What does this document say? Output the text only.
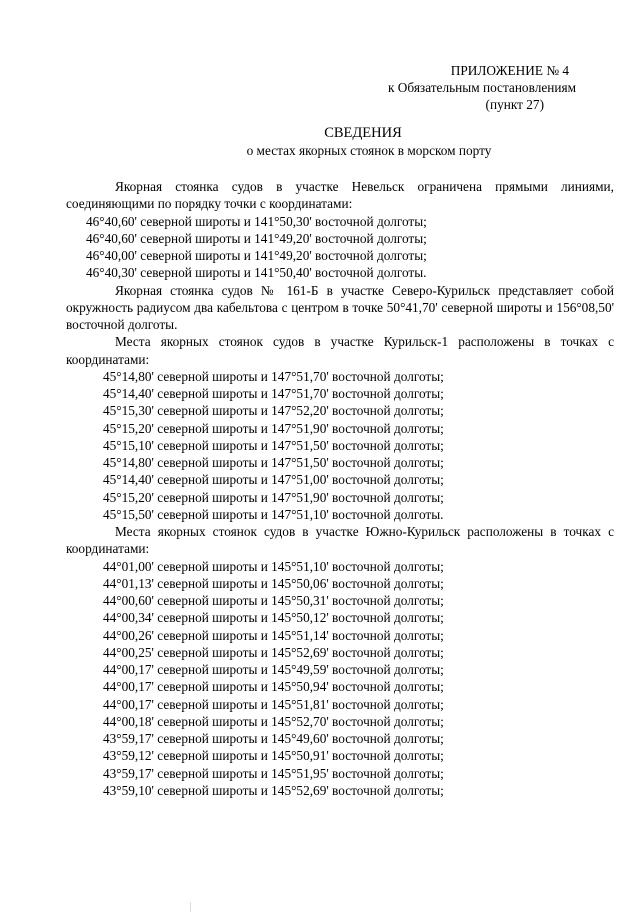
ПРИЛОЖЕНИЕ № 4
к Обязательным постановлениям
(пункт 27)
СВЕДЕНИЯ
о местах якорных стоянок в морском порту

Якорная стоянка судов в участке Невельск ограничена прямыми линиями, соединяющими по порядку точки с координатами:

46°40,60' северной широты и 141°50,30' восточной долготы;

46°40,60' северной широты и 141°49,20' восточной долготы;

46°40,00' северной широты и 141°49,20' восточной долготы;

46°40,30' северной широты и 141°50,40' восточной долготы.

Якорная стоянка судов № 161-Б в участке Северо-Курильск представляет собой окружность радиусом два кабельтова с центром в точке 50°41,70' северной широты и 156°08,50' восточной долготы.

Места якорных стоянок судов в участке Курильск-1 расположены в точках с координатами:

45°14,80' северной широты и 147°51,70' восточной долготы;

45°14,40' северной широты и 147°51,70' восточной долготы;

45°15,30' северной широты и 147°52,20' восточной долготы;

45°15,20' северной широты и 147°51,90' восточной долготы;

45°15,10' северной широты и 147°51,50' восточной долготы;

45°14,80' северной широты и 147°51,50' восточной долготы;

45°14,40' северной широты и 147°51,00' восточной долготы;

45°15,20' северной широты и 147°51,90' восточной долготы;

45°15,50' северной широты и 147°51,10' восточной долготы.

Места якорных стоянок судов в участке Южно-Курильск расположены в точках с координатами:

44°01,00' северной широты и 145°51,10' восточной долготы;

44°01,13' северной широты и 145°50,06' восточной долготы;

44°00,60' северной широты и 145°50,31' восточной долготы;

44°00,34' северной широты и 145°50,12' восточной долготы;

44°00,26' северной широты и 145°51,14' восточной долготы;

44°00,25' северной широты и 145°52,69' восточной долготы;

44°00,17' северной широты и 145°49,59' восточной долготы;

44°00,17' северной широты и 145°50,94' восточной долготы;

44°00,17' северной широты и 145°51,81' восточной долготы;

44°00,18' северной широты и 145°52,70' восточной долготы;

43°59,17' северной широты и 145°49,60' восточной долготы;

43°59,12' северной широты и 145°50,91' восточной долготы;

43°59,17' северной широты и 145°51,95' восточной долготы;

43°59,10' северной широты и 145°52,69' восточной долготы;
